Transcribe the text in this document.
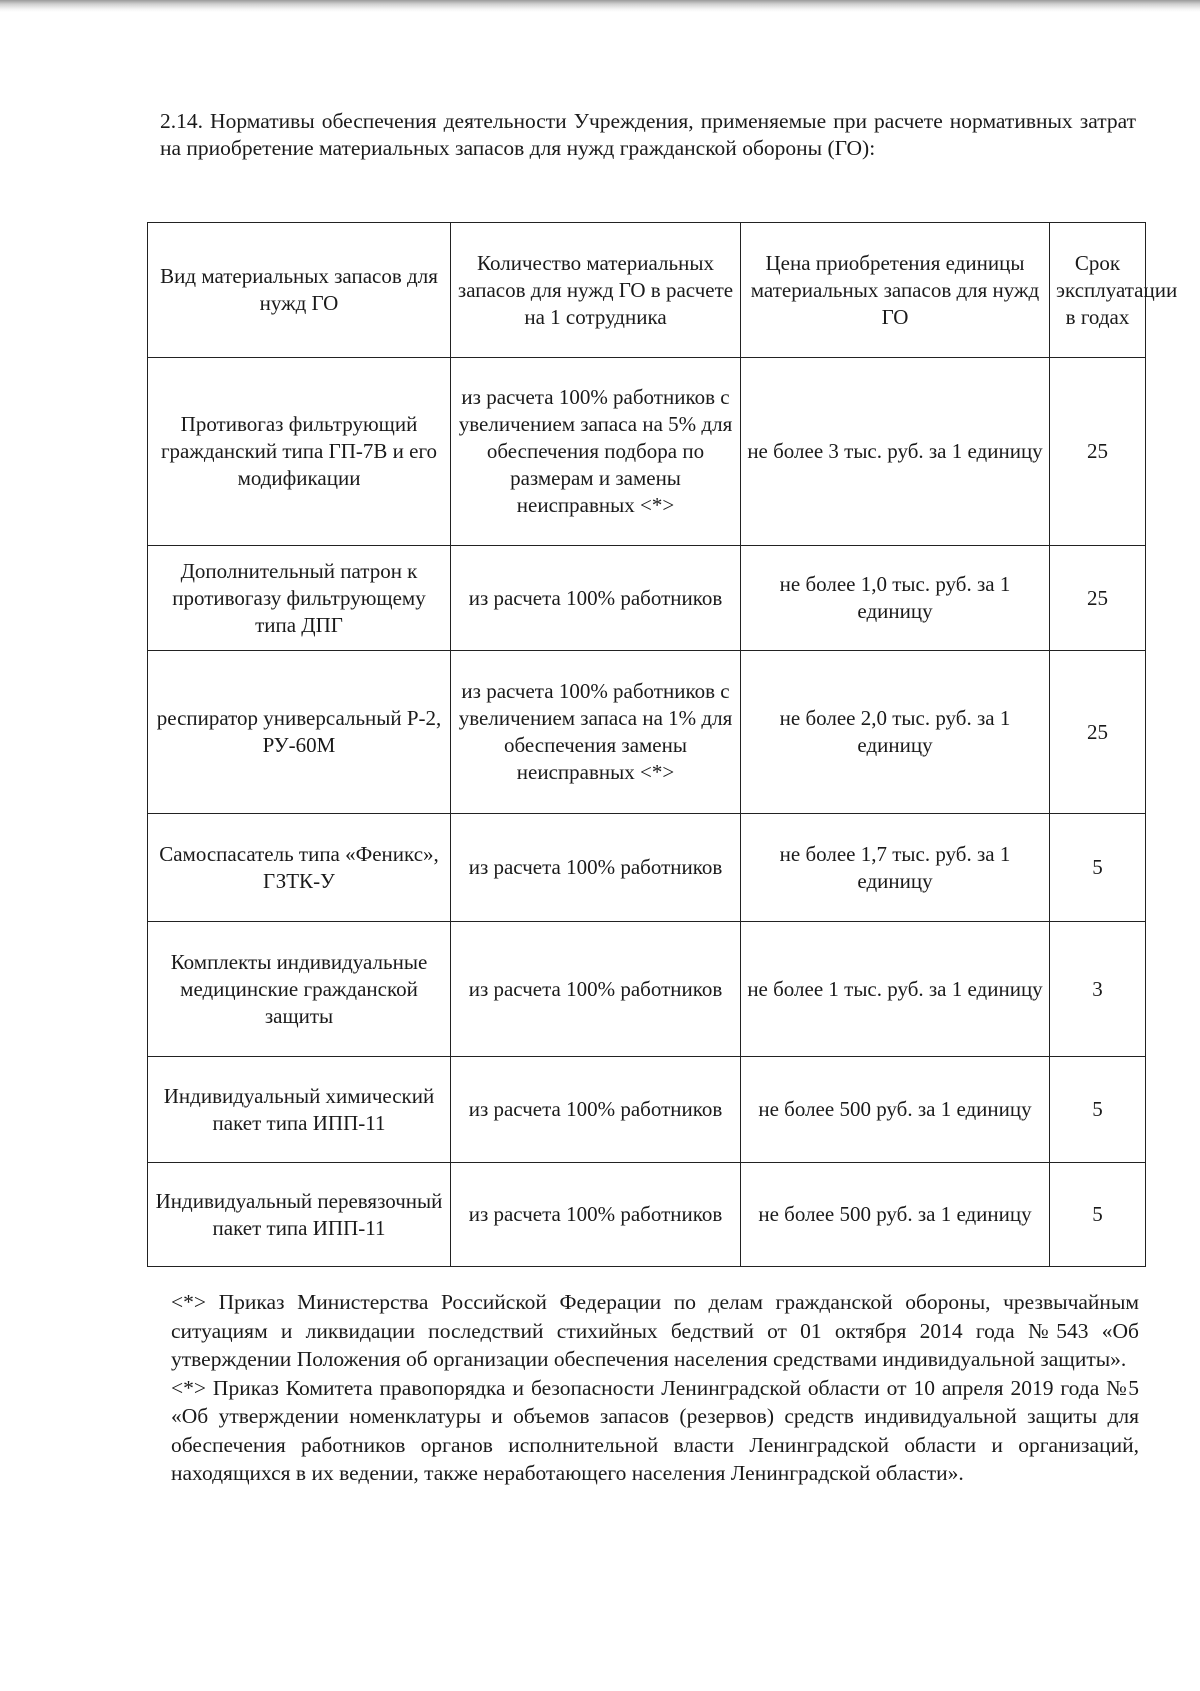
2.14. Нормативы обеспечения деятельности Учреждения, применяемые при расчете нормативных затрат на приобретение материальных запасов для нужд гражданской обороны (ГО):

Вид материальных запасов для нужд ГО	Количество материальных запасов для нужд ГО в расчете на 1 сотрудника	Цена приобретения единицы материальных запасов для нужд ГО	Срок эксплуатации в годах
Противогаз фильтрующий гражданский типа ГП-7В и его модификации	из расчета 100% работников с увеличением запаса на 5% для обеспечения подбора по размерам и замены неисправных <*>	не более 3 тыс. руб. за 1 единицу	25
Дополнительный патрон к противогазу фильтрующему типа ДПГ	из расчета 100% работников	не более 1,0 тыс. руб. за 1 единицу	25
респиратор универсальный Р-2, РУ-60М	из расчета 100% работников с увеличением запаса на 1% для обеспечения замены неисправных <*>	не более 2,0 тыс. руб. за 1 единицу	25
Самоспасатель типа «Феникс», ГЗТК-У	из расчета 100% работников	не более 1,7 тыс. руб. за 1 единицу	5
Комплекты индивидуальные медицинские гражданской защиты	из расчета 100% работников	не более 1 тыс. руб. за 1 единицу	3
Индивидуальный химический пакет типа ИПП-11	из расчета 100% работников	не более 500 руб. за 1 единицу	5
Индивидуальный перевязочный пакет типа ИПП-11	из расчета 100% работников	не более 500 руб. за 1 единицу	5

<*> Приказ Министерства Российской Федерации по делам гражданской обороны, чрезвычайным ситуациям и ликвидации последствий стихийных бедствий от 01 октября 2014 года №543 «Об утверждении Положения об организации обеспечения населения средствами индивидуальной защиты».

<*> Приказ Комитета правопорядка и безопасности Ленинградской области от 10 апреля 2019 года №5 «Об утверждении номенклатуры и объемов запасов (резервов) средств индивидуальной защиты для обеспечения работников органов исполнительной власти Ленинградской области и организаций, находящихся в их ведении, также неработающего населения Ленинградской области».
